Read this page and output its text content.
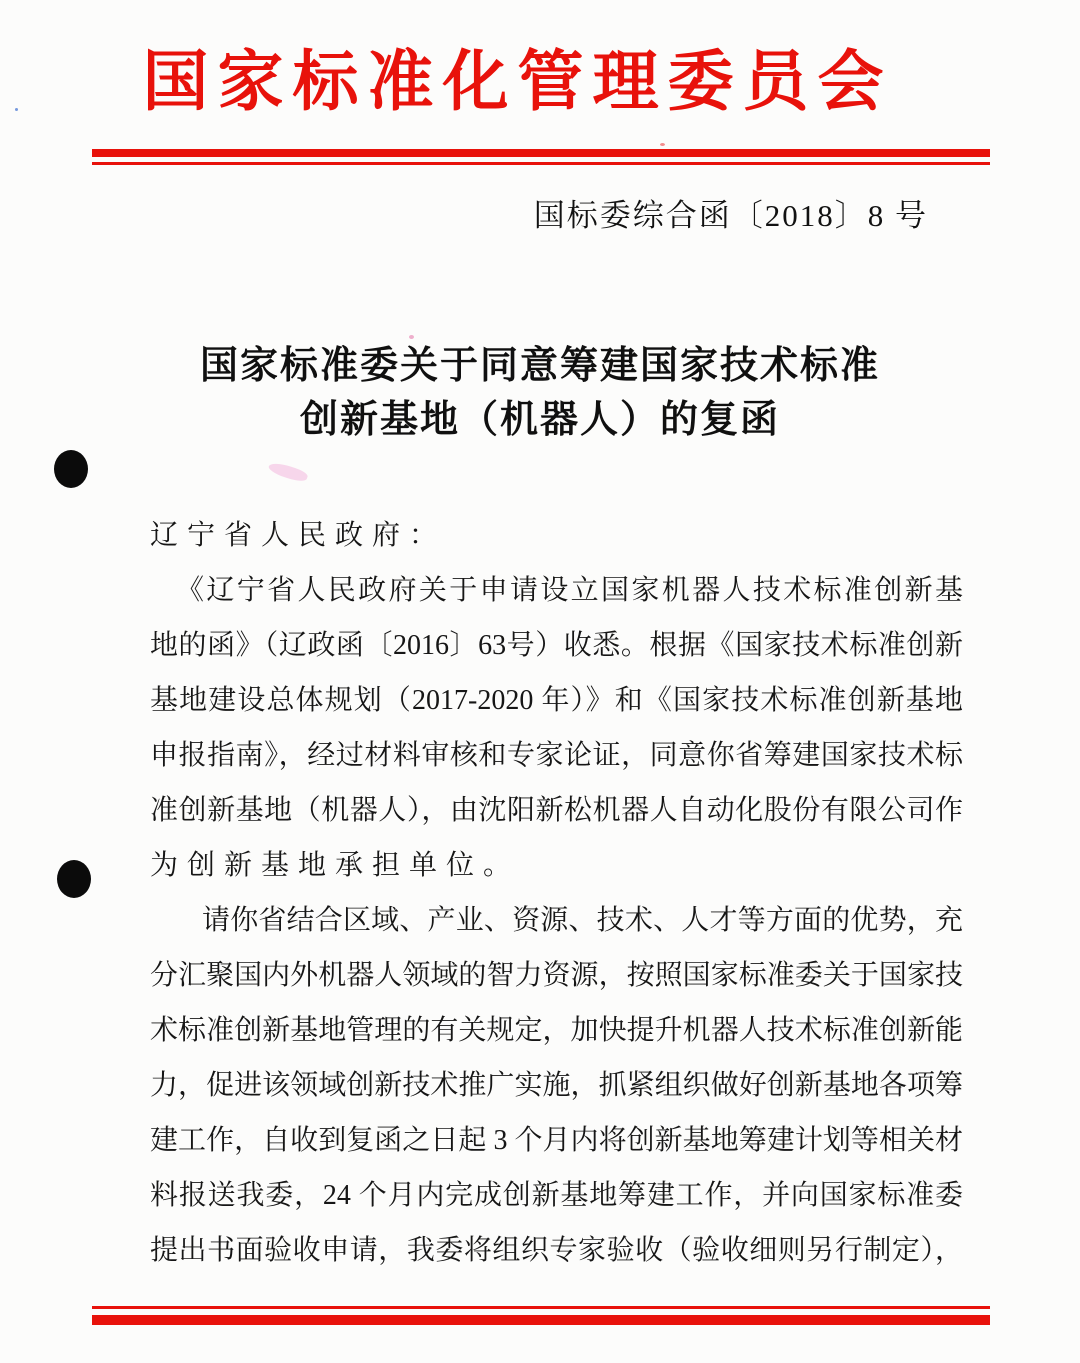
国家标准化管理委员会
国标委综合函〔2018〕8 号
国家标准委关于同意筹建国家技术标准
创新基地（机器人）的复函
辽宁省人民政府：
《辽宁省人民政府关于申请设立国家机器人技术标准创新基
地的函》（辽政函〔2016〕63号）收悉。根据《国家技术标准创新
基地建设总体规划（2017-2020 年）》和《国家技术标准创新基地
申报指南》，经过材料审核和专家论证，同意你省筹建国家技术标
准创新基地（机器人），由沈阳新松机器人自动化股份有限公司作
为创新基地承担单位。
请你省结合区域、产业、资源、技术、人才等方面的优势，充
分汇聚国内外机器人领域的智力资源，按照国家标准委关于国家技
术标准创新基地管理的有关规定，加快提升机器人技术标准创新能
力，促进该领域创新技术推广实施，抓紧组织做好创新基地各项筹
建工作，自收到复函之日起 3 个月内将创新基地筹建计划等相关材
料报送我委，24 个月内完成创新基地筹建工作，并向国家标准委
提出书面验收申请，我委将组织专家验收（验收细则另行制定），
